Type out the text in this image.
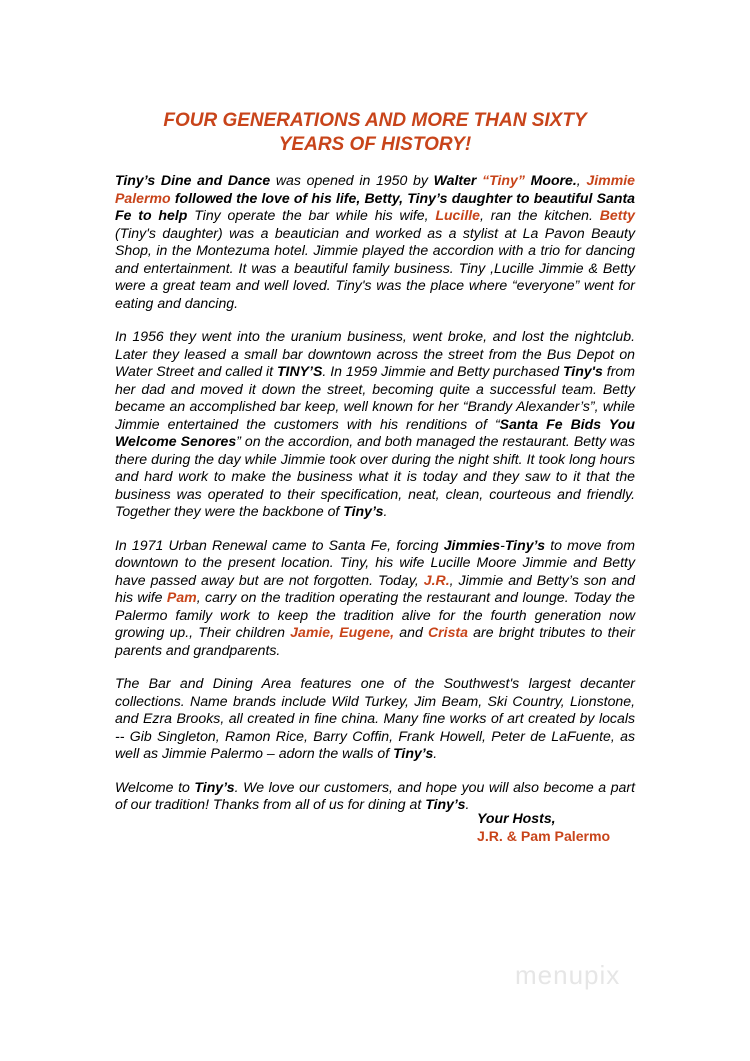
FOUR GENERATIONS AND MORE THAN SIXTY
YEARS OF HISTORY!

Tiny’s Dine and Dance was opened in 1950 by Walter “Tiny” Moore., Jimmie Palermo followed the love of his life, Betty, Tiny’s daughter to beautiful Santa Fe to help Tiny operate the bar while his wife, Lucille, ran the kitchen. Betty (Tiny's daughter) was a beautician and worked as a stylist at La Pavon Beauty Shop, in the Montezuma hotel. Jimmie played the accordion with a trio for dancing and entertainment. It was a beautiful family business. Tiny ,Lucille Jimmie & Betty were a great team and well loved. Tiny's was the place where “everyone” went for eating and dancing.

In 1956 they went into the uranium business, went broke, and lost the nightclub. Later they leased a small bar downtown across the street from the Bus Depot on Water Street and called it TINY’S. In 1959 Jimmie and Betty purchased Tiny's from her dad and moved it down the street, becoming quite a successful team. Betty became an accomplished bar keep, well known for her “Brandy Alexander’s”, while Jimmie entertained the customers with his renditions of “Santa Fe Bids You Welcome Senores” on the accordion, and both managed the restaurant. Betty was there during the day while Jimmie took over during the night shift. It took long hours and hard work to make the business what it is today and they saw to it that the business was operated to their specification, neat, clean, courteous and friendly. Together they were the backbone of Tiny’s.

In 1971 Urban Renewal came to Santa Fe, forcing Jimmies-Tiny’s to move from downtown to the present location. Tiny, his wife Lucille Moore Jimmie and Betty have passed away but are not forgotten. Today, J.R., Jimmie and Betty’s son and his wife Pam, carry on the tradition operating the restaurant and lounge. Today the Palermo family work to keep the tradition alive for the fourth generation now growing up., Their children Jamie, Eugene, and Crista are bright tributes to their parents and grandparents.

The Bar and Dining Area features one of the Southwest's largest decanter collections. Name brands include Wild Turkey, Jim Beam, Ski Country, Lionstone, and Ezra Brooks, all created in fine china. Many fine works of art created by locals -- Gib Singleton, Ramon Rice, Barry Coffin, Frank Howell, Peter de LaFuente, as well as Jimmie Palermo – adorn the walls of Tiny’s.

Welcome to Tiny’s. We love our customers, and hope you will also become a part of our tradition! Thanks from all of us for dining at Tiny’s.

Your Hosts,
J.R. & Pam Palermo
menupix
